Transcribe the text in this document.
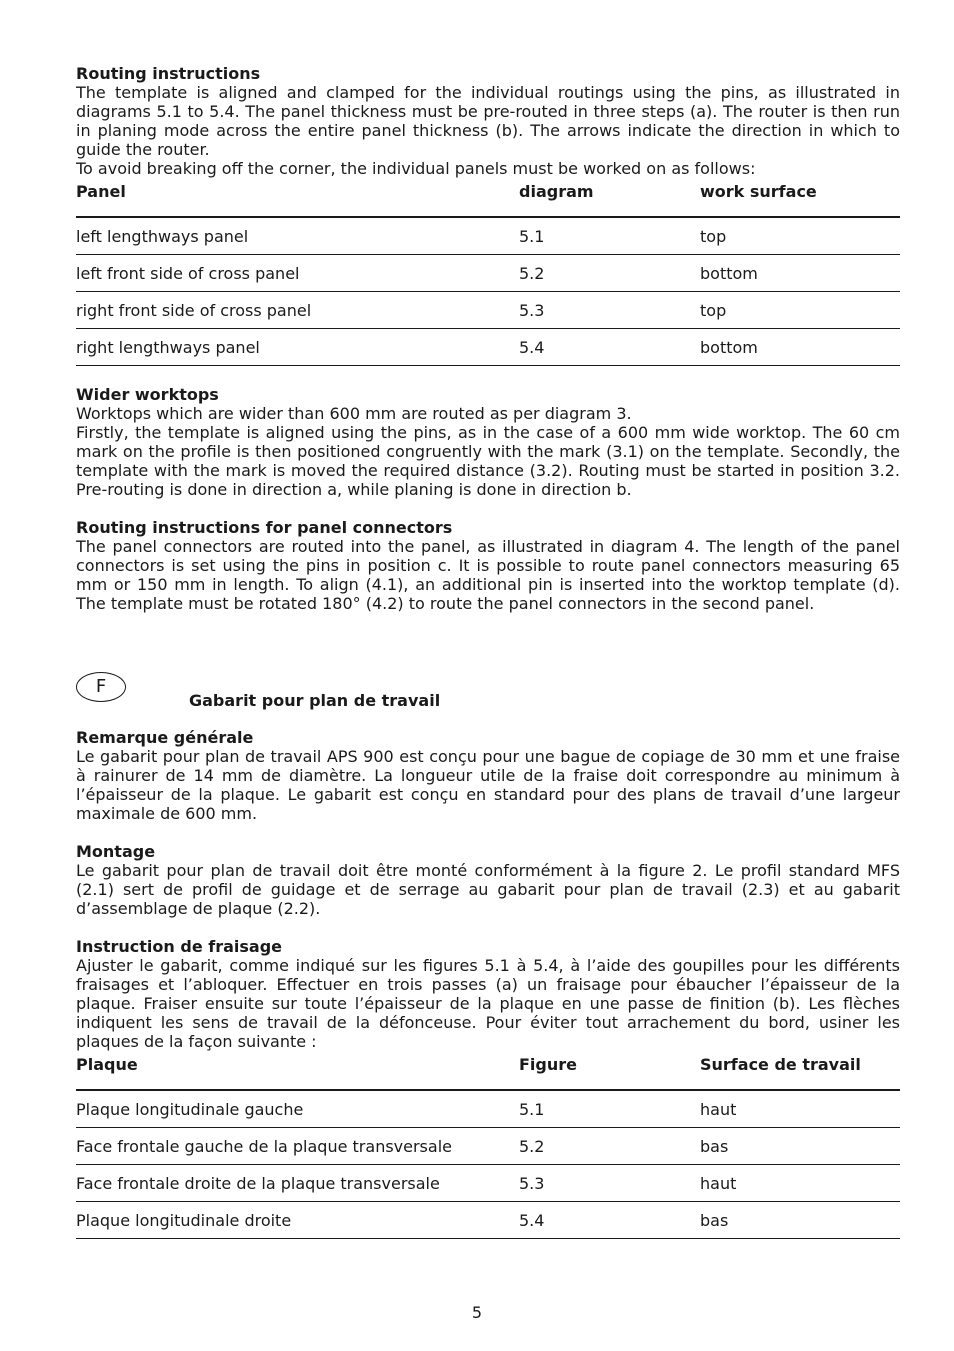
Routing instructions

The template is aligned and clamped for the individual routings using the pins, as illustrated in diagrams 5.1 to 5.4. The panel thickness must be pre-routed in three steps (a). The router is then run in planing mode across the entire panel thickness (b). The arrows indicate the direction in which to guide the router.

To avoid breaking off the corner, the individual panels must be worked on as follows:

Panel	diagram	work surface
left lengthways panel	5.1	top
left front side of cross panel	5.2	bottom
right front side of cross panel	5.3	top
right lengthways panel	5.4	bottom
Wider worktops

Worktops which are wider than 600 mm are routed as per diagram 3.

Firstly, the template is aligned using the pins, as in the case of a 600 mm wide worktop. The 60 cm mark on the profile is then positioned congruently with the mark (3.1) on the template. Secondly, the template with the mark is moved the required distance (3.2). Routing must be started in position 3.2. Pre-routing is done in direction a, while planing is done in direction b.

Routing instructions for panel connectors

The panel connectors are routed into the panel, as illustrated in diagram 4. The length of the panel connectors is set using the pins in position c. It is possible to route panel connectors measuring 65 mm or 150 mm in length. To align (4.1), an additional pin is inserted into the worktop template (d). The template must be rotated 180° (4.2) to route the panel connectors in the second panel.

F
Gabarit pour plan de travail
Remarque générale

Le gabarit pour plan de travail APS 900 est conçu pour une bague de copiage de 30 mm et une fraise à rainurer de 14 mm de diamètre. La longueur utile de la fraise doit correspondre au minimum à l’épaisseur de la plaque. Le gabarit est conçu en standard pour des plans de travail d’une largeur maximale de 600 mm.

Montage

Le gabarit pour plan de travail doit être monté conformément à la figure 2. Le profil standard MFS (2.1) sert de profil de guidage et de serrage au gabarit pour plan de travail (2.3) et au gabarit d’assemblage de plaque (2.2).

Instruction de fraisage

Ajuster le gabarit, comme indiqué sur les figures 5.1 à 5.4, à l’aide des goupilles pour les différents fraisages et l’abloquer. Effectuer en trois passes (a) un fraisage pour ébaucher l’épaisseur de la plaque. Fraiser ensuite sur toute l’épaisseur de la plaque en une passe de finition (b). Les flèches indiquent les sens de travail de la défonceuse. Pour éviter tout arrachement du bord, usiner les plaques de la façon suivante :

Plaque	Figure	Surface de travail
Plaque longitudinale gauche	5.1	haut
Face frontale gauche de la plaque transversale	5.2	bas
Face frontale droite de la plaque transversale	5.3	haut
Plaque longitudinale droite	5.4	bas
5
